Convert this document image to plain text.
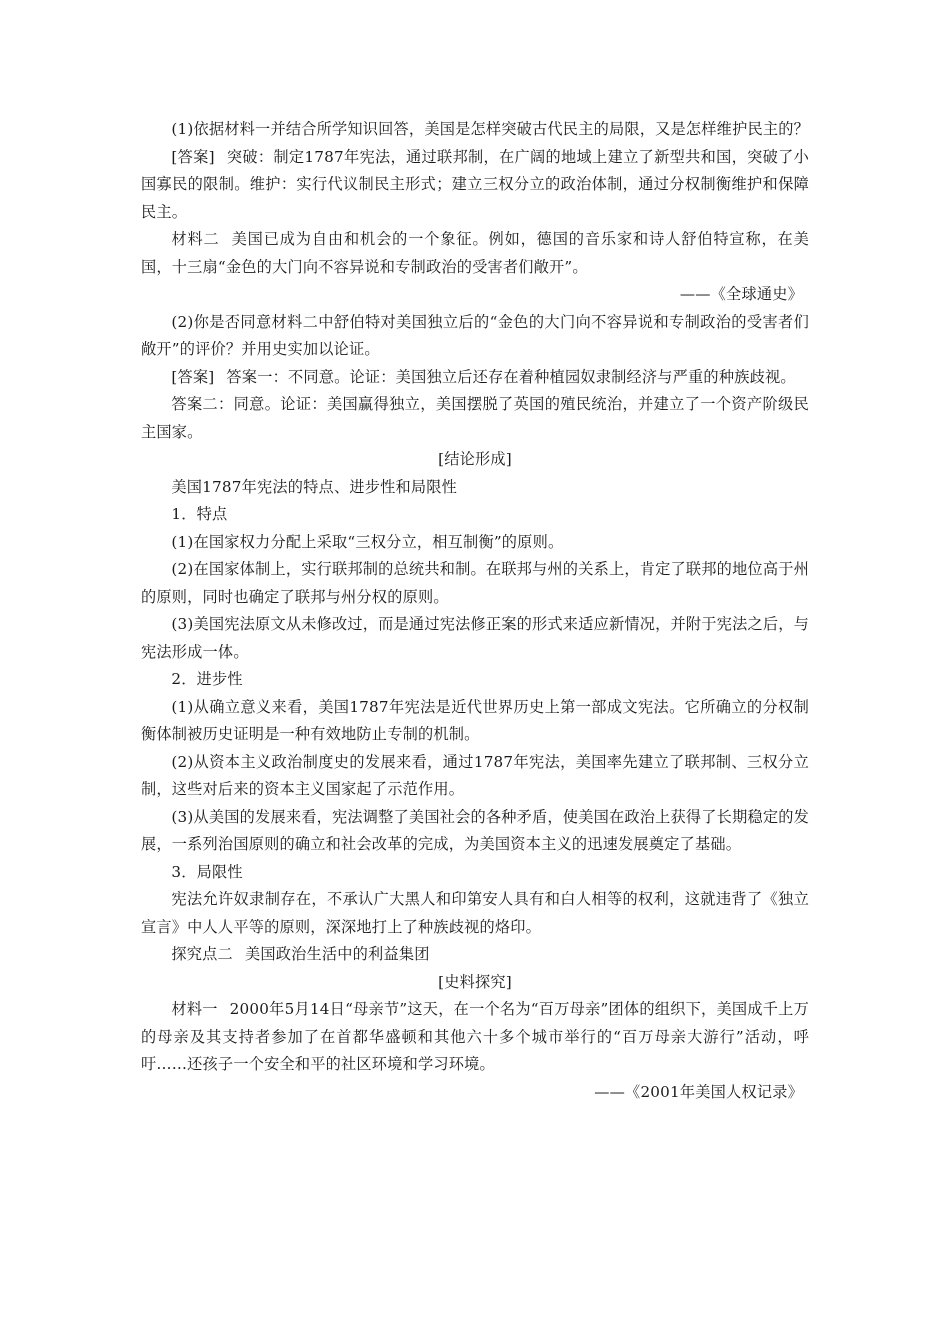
(1)依据材料一并结合所学知识回答，美国是怎样突破古代民主的局限，又是怎样维护民主的？

[答案] 突破：制定1787年宪法，通过联邦制，在广阔的地域上建立了新型共和国，突破了小国寡民的限制。维护：实行代议制民主形式；建立三权分立的政治体制，通过分权制衡维护和保障民主。

材料二 美国已成为自由和机会的一个象征。例如，德国的音乐家和诗人舒伯特宣称，在美国，十三扇“金色的大门向不容异说和专制政治的受害者们敞开”。

——《全球通史》

(2)你是否同意材料二中舒伯特对美国独立后的“金色的大门向不容异说和专制政治的受害者们敞开”的评价？并用史实加以论证。

[答案] 答案一：不同意。论证：美国独立后还存在着种植园奴隶制经济与严重的种族歧视。

答案二：同意。论证：美国赢得独立，美国摆脱了英国的殖民统治，并建立了一个资产阶级民主国家。

[结论形成]

美国1787年宪法的特点、进步性和局限性

1．特点

(1)在国家权力分配上采取“三权分立，相互制衡”的原则。

(2)在国家体制上，实行联邦制的总统共和制。在联邦与州的关系上，肯定了联邦的地位高于州的原则，同时也确定了联邦与州分权的原则。

(3)美国宪法原文从未修改过，而是通过宪法修正案的形式来适应新情况，并附于宪法之后，与宪法形成一体。

2．进步性

(1)从确立意义来看，美国1787年宪法是近代世界历史上第一部成文宪法。它所确立的分权制衡体制被历史证明是一种有效地防止专制的机制。

(2)从资本主义政治制度史的发展来看，通过1787年宪法，美国率先建立了联邦制、三权分立制，这些对后来的资本主义国家起了示范作用。

(3)从美国的发展来看，宪法调整了美国社会的各种矛盾，使美国在政治上获得了长期稳定的发展，一系列治国原则的确立和社会改革的完成，为美国资本主义的迅速发展奠定了基础。

3．局限性

宪法允许奴隶制存在，不承认广大黑人和印第安人具有和白人相等的权利，这就违背了《独立宣言》中人人平等的原则，深深地打上了种族歧视的烙印。

探究点二 美国政治生活中的利益集团

[史料探究]

材料一 2000年5月14日“母亲节”这天，在一个名为“百万母亲”团体的组织下，美国成千上万的母亲及其支持者参加了在首都华盛顿和其他六十多个城市举行的“百万母亲大游行”活动，呼吁……还孩子一个安全和平的社区环境和学习环境。

——《2001年美国人权记录》
